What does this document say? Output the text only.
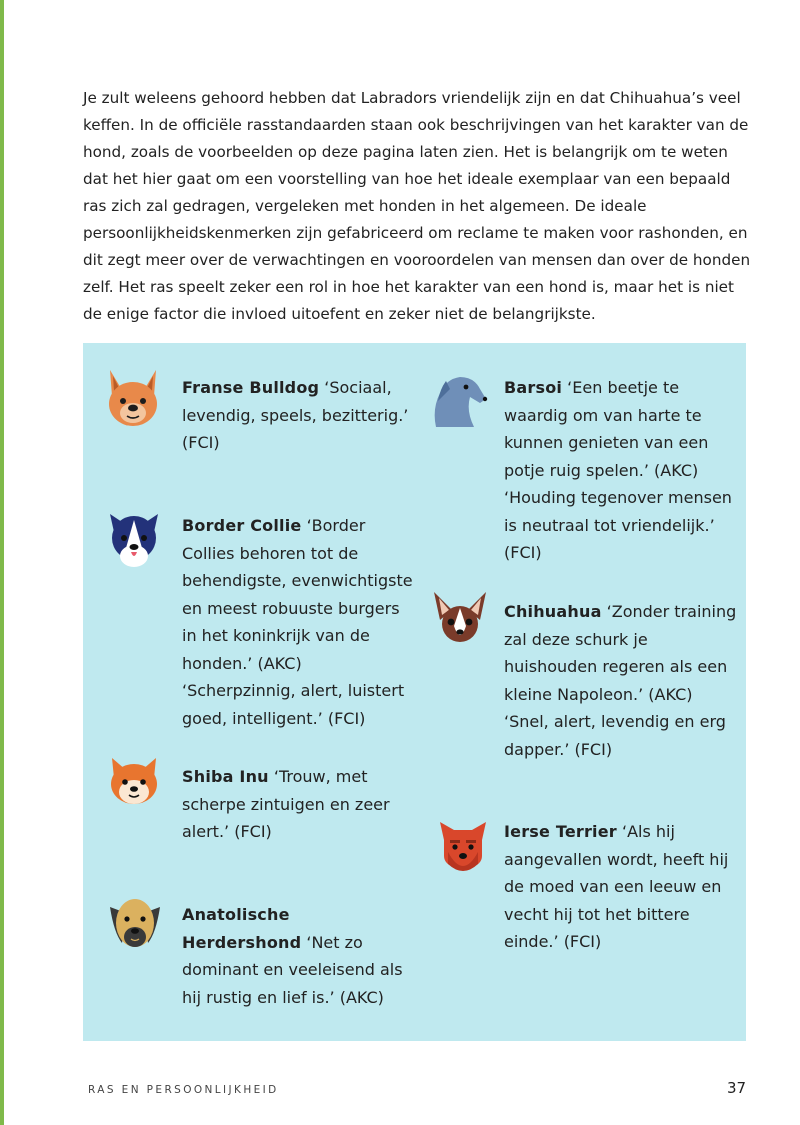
Je zult weleens gehoord hebben dat Labradors vriendelijk zijn en dat Chihuahua’s veel keffen. In de officiële rasstandaarden staan ook beschrijvingen van het karakter van de hond, zoals de voorbeelden op deze pagina laten zien. Het is belangrijk om te weten dat het hier gaat om een voorstelling van hoe het ideale exemplaar van een bepaald ras zich zal gedragen, vergeleken met honden in het algemeen. De ideale persoonlijkheidskenmerken zijn gefabriceerd om reclame te maken voor rashonden, en dit zegt meer over de verwachtingen en vooroordelen van mensen dan over de honden zelf. Het ras speelt zeker een rol in hoe het karakter van een hond is, maar het is niet de enige factor die invloed uitoefent en zeker niet de belangrijkste.

Franse Bulldog ‘Sociaal, levendig, speels, bezitterig.’ (FCI)
Border Collie ‘Border Collies behoren tot de behendigste, evenwichtigste en meest robuuste burgers in het koninkrijk van de honden.’ (AKC) ‘Scherpzinnig, alert, luistert goed, intelligent.’ (FCI)
Shiba Inu ‘Trouw, met scherpe zintuigen en zeer alert.’ (FCI)
Anatolische Herdershond ‘Net zo dominant en veeleisend als hij rustig en lief is.’ (AKC)
Barsoi ‘Een beetje te waardig om van harte te kunnen genieten van een potje ruig spelen.’ (AKC) ‘Houding tegenover mensen is neutraal tot vriendelijk.’ (FCI)
Chihuahua ‘Zonder training zal deze schurk je huishouden regeren als een kleine Napoleon.’ (AKC) ‘Snel, alert, levendig en erg dapper.’ (FCI)
Ierse Terrier ‘Als hij aangevallen wordt, heeft hij de moed van een leeuw en vecht hij tot het bittere einde.’ (FCI)
RAS EN PERSOONLIJKHEID	37
